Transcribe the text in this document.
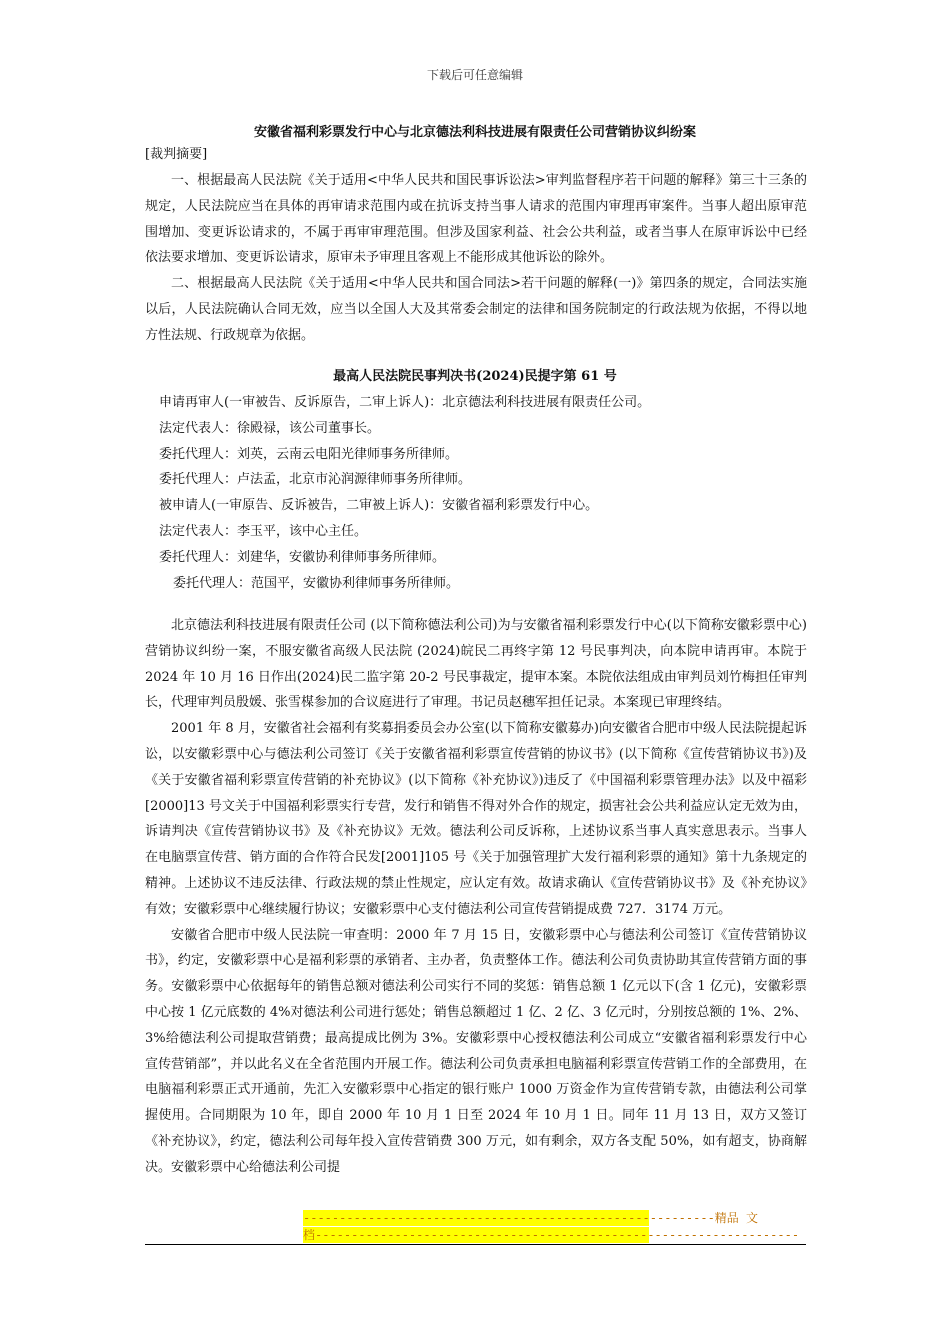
下载后可任意编辑
安徽省福利彩票发行中心与北京德法利科技进展有限责任公司营销协议纠纷案
[裁判摘要]

一、根据最高人民法院《关于适用<中华人民共和国民事诉讼法>审判监督程序若干问题的解释》第三十三条的规定，人民法院应当在具体的再审请求范围内或在抗诉支持当事人请求的范围内审理再审案件。当事人超出原审范围增加、变更诉讼请求的，不属于再审审理范围。但涉及国家利益、社会公共利益，或者当事人在原审诉讼中已经依法要求增加、变更诉讼请求，原审未予审理且客观上不能形成其他诉讼的除外。

二、根据最高人民法院《关于适用<中华人民共和国合同法>若干问题的解释(一)》第四条的规定，合同法实施以后，人民法院确认合同无效，应当以全国人大及其常委会制定的法律和国务院制定的行政法规为依据，不得以地方性法规、行政规章为依据。

最高人民法院民事判决书(2024)民提字第 61 号

申请再审人(一审被告、反诉原告，二审上诉人)：北京德法利科技进展有限责任公司。

法定代表人：徐殿禄，该公司董事长。

委托代理人：刘英，云南云电阳光律师事务所律师。

委托代理人：卢法孟，北京市沁润源律师事务所律师。

被申请人(一审原告、反诉被告，二审被上诉人)：安徽省福利彩票发行中心。

法定代表人：李玉平，该中心主任。

委托代理人：刘建华，安徽协利律师事务所律师。

委托代理人：范国平，安徽协利律师事务所律师。

北京德法利科技进展有限责任公司 (以下简称德法利公司)为与安徽省福利彩票发行中心(以下简称安徽彩票中心)营销协议纠纷一案，不服安徽省高级人民法院 (2024)皖民二再终字第 12 号民事判决，向本院申请再审。本院于 2024 年 10 月 16 日作出(2024)民二监字第 20-2 号民事裁定，提审本案。本院依法组成由审判员刘竹梅担任审判长，代理审判员殷媛、张雪楳参加的合议庭进行了审理。书记员赵穗军担任记录。本案现已审理终结。

2001 年 8 月，安徽省社会福利有奖募捐委员会办公室(以下简称安徽募办)向安徽省合肥市中级人民法院提起诉讼，以安徽彩票中心与德法利公司签订《关于安徽省福利彩票宣传营销的协议书》(以下简称《宣传营销协议书》)及《关于安徽省福利彩票宣传营销的补充协议》(以下简称《补充协议》)违反了《中国福利彩票管理办法》以及中福彩[2000]13 号文关于中国福利彩票实行专营，发行和销售不得对外合作的规定，损害社会公共利益应认定无效为由，诉请判决《宣传营销协议书》及《补充协议》无效。德法利公司反诉称，上述协议系当事人真实意思表示。当事人在电脑票宣传营、销方面的合作符合民发[2001]105 号《关于加强管理扩大发行福利彩票的通知》第十九条规定的精神。上述协议不违反法律、行政法规的禁止性规定，应认定有效。故请求确认《宣传营销协议书》及《补充协议》有效；安徽彩票中心继续履行协议；安徽彩票中心支付德法利公司宣传营销提成费 727．3174 万元。

安徽省合肥市中级人民法院一审查明：2000 年 7 月 15 日，安徽彩票中心与德法利公司签订《宣传营销协议书》，约定，安徽彩票中心是福利彩票的承销者、主办者，负责整体工作。德法利公司负责协助其宣传营销方面的事务。安徽彩票中心依据每年的销售总额对德法利公司实行不同的奖惩：销售总额 1 亿元以下(含 1 亿元)，安徽彩票中心按 1 亿元底数的 4%对德法利公司进行惩处；销售总额超过 1 亿、2 亿、3 亿元时，分别按总额的 1%、2%、3%给德法利公司提取营销费；最高提成比例为 3%。安徽彩票中心授权德法利公司成立“安徽省福利彩票发行中心宣传营销部”，并以此名义在全省范围内开展工作。德法利公司负责承担电脑福利彩票宣传营销工作的全部费用，在电脑福利彩票正式开通前，先汇入安徽彩票中心指定的银行账户 1000 万资金作为宣传营销专款，由德法利公司掌握使用。合同期限为 10 年，即自 2000 年 10 月 1 日至 2024 年 10 月 1 日。同年 11 月 13 日，双方又签订《补充协议》，约定，德法利公司每年投入宣传营销费 300 万元，如有剩余，双方各支配 50%，如有超支，协商解决。安徽彩票中心给德法利公司提

---------------------------------------------------------精品 文
档-------------------------------------------------------------------
